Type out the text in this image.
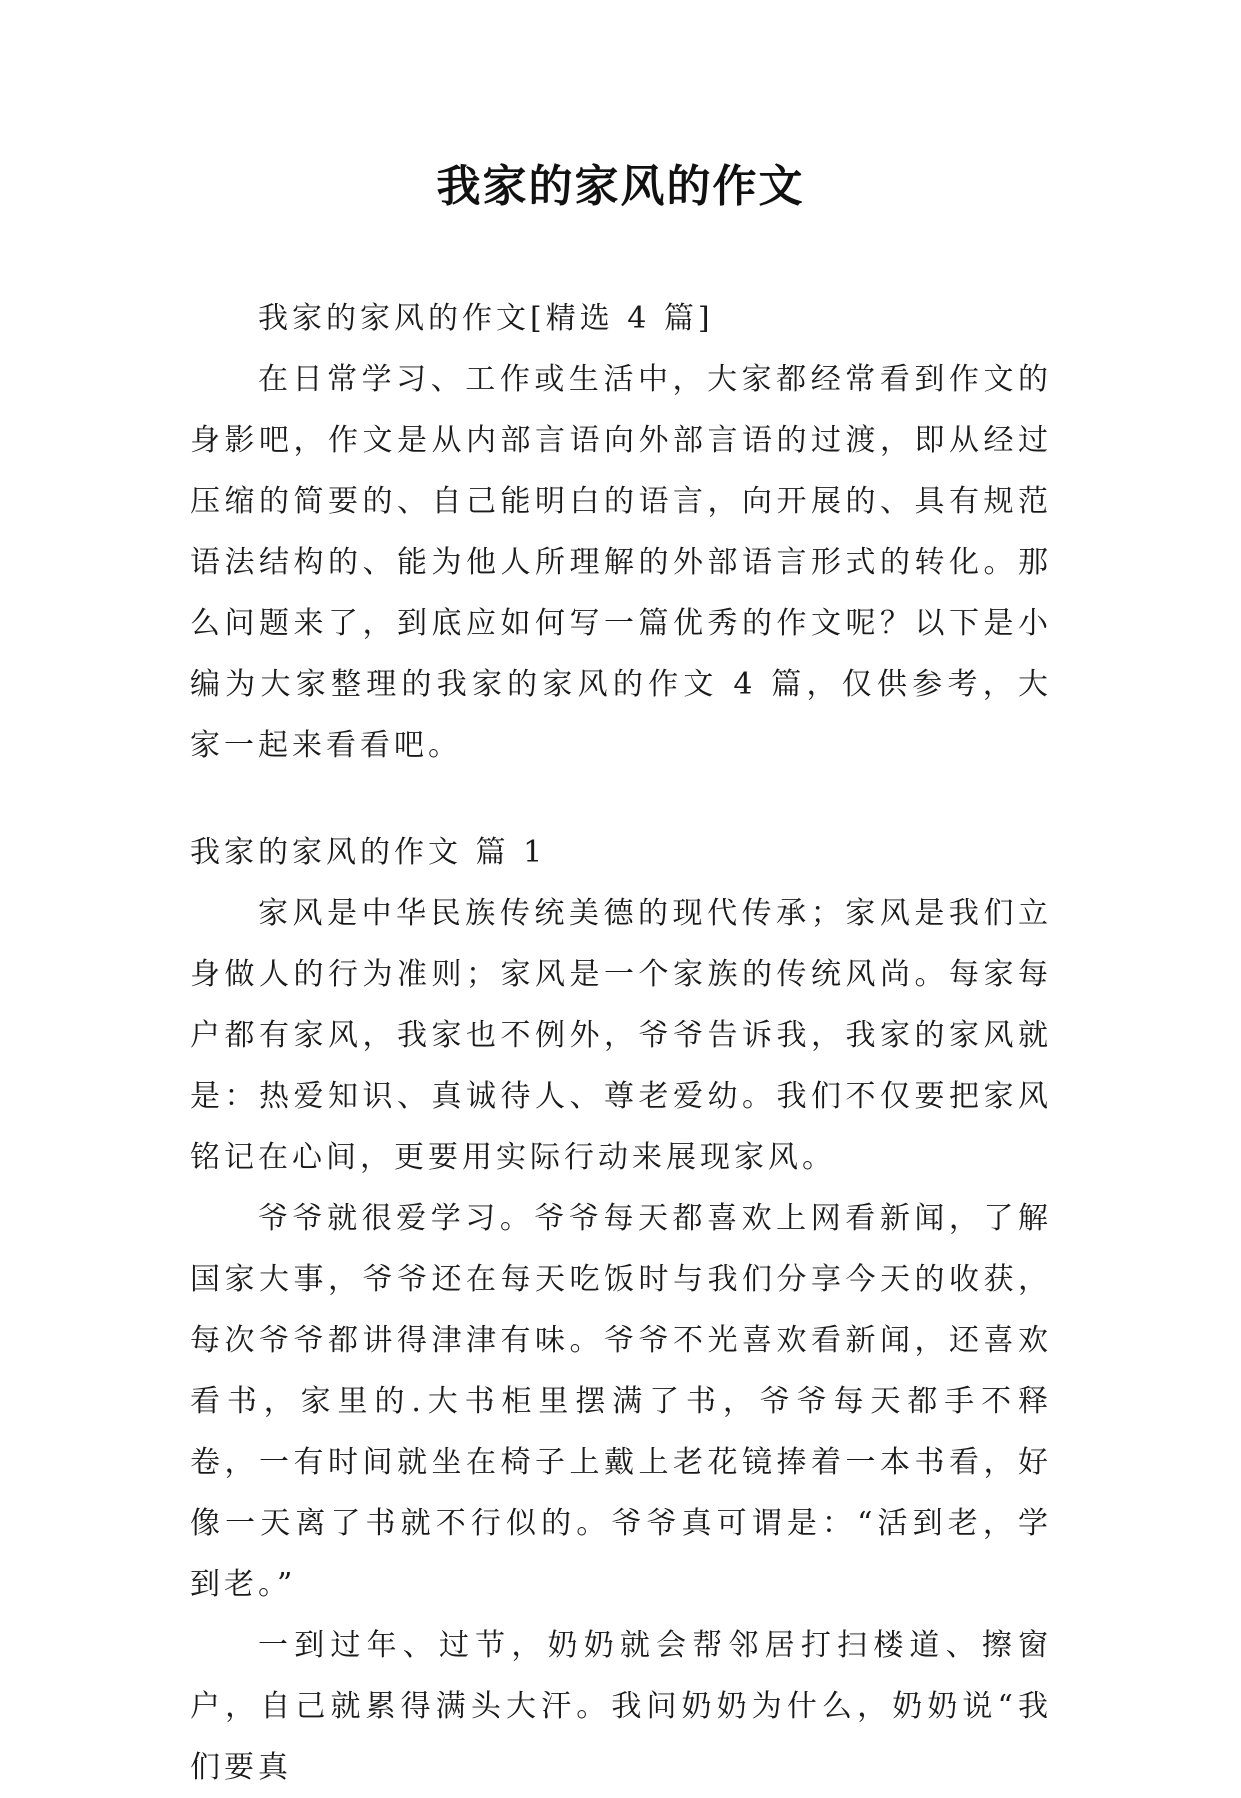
我家的家风的作文

我家的家风的作文[精选 4 篇]

在日常学习、工作或生活中，大家都经常看到作文的身影吧，作文是从内部言语向外部言语的过渡，即从经过压缩的简要的、自己能明白的语言，向开展的、具有规范语法结构的、能为他人所理解的外部语言形式的转化。那么问题来了，到底应如何写一篇优秀的作文呢？以下是小编为大家整理的我家的家风的作文 4 篇，仅供参考，大家一起来看看吧。

我家的家风的作文 篇 1

家风是中华民族传统美德的现代传承；家风是我们立身做人的行为准则；家风是一个家族的传统风尚。每家每户都有家风，我家也不例外，爷爷告诉我，我家的家风就是：热爱知识、真诚待人、尊老爱幼。我们不仅要把家风铭记在心间，更要用实际行动来展现家风。

爷爷就很爱学习。爷爷每天都喜欢上网看新闻，了解国家大事，爷爷还在每天吃饭时与我们分享今天的收获，每次爷爷都讲得津津有味。爷爷不光喜欢看新闻，还喜欢看书，家里的.大书柜里摆满了书，爷爷每天都手不释卷，一有时间就坐在椅子上戴上老花镜捧着一本书看，好像一天离了书就不行似的。爷爷真可谓是：“活到老，学到老。”

一到过年、过节，奶奶就会帮邻居打扫楼道、擦窗户，自己就累得满头大汗。我问奶奶为什么，奶奶说“我们要真
